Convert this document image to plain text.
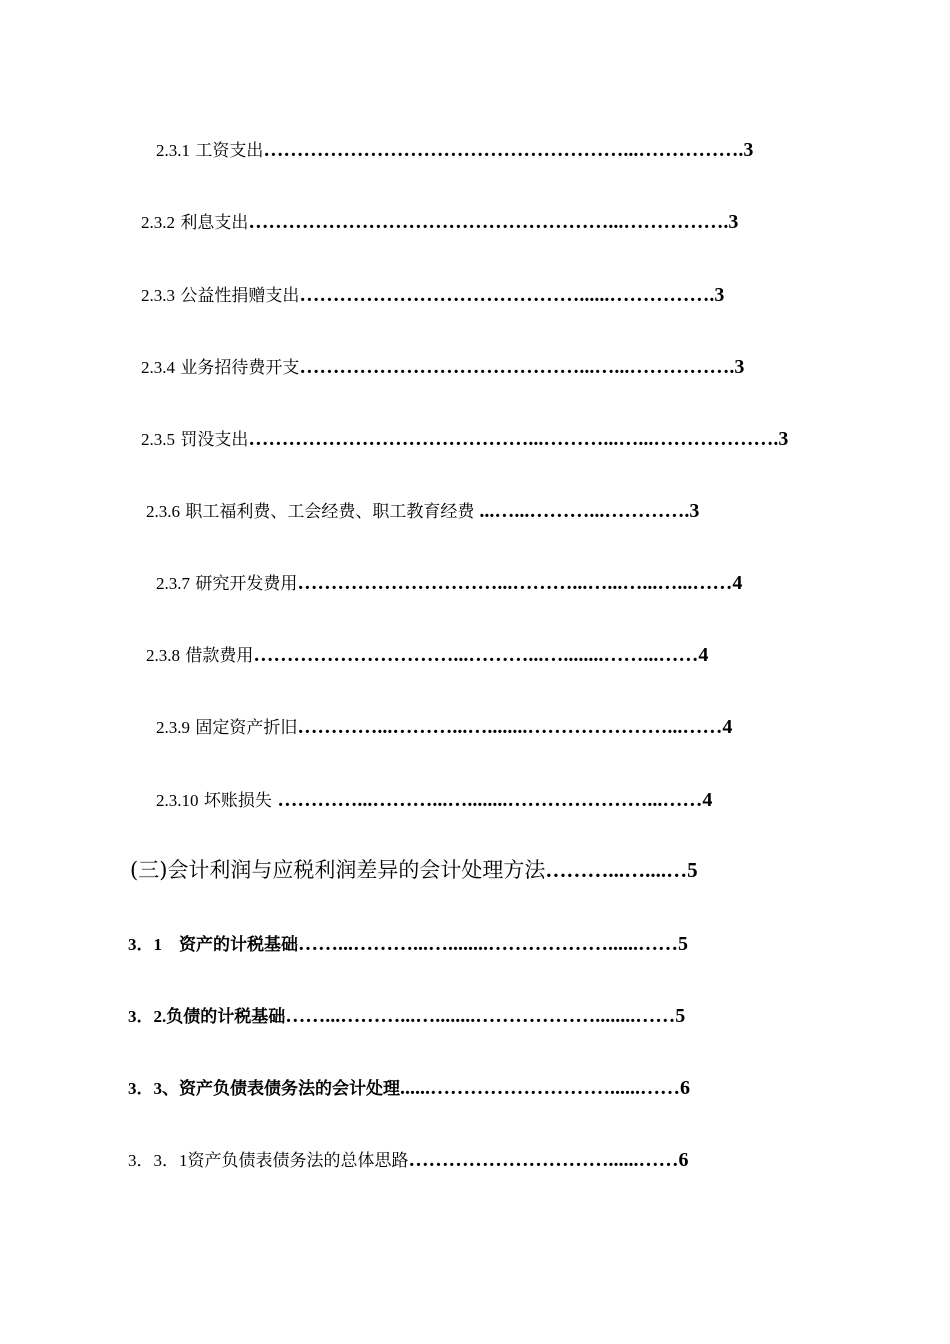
2.3.1 工资支出………………………………………………...…………….3
2.3.2 利息支出………………………………………………...…………….3
2.3.3 公益性捐赠支出……………………………………......…………….3
2.3.4 业务招待费开支……………………………………...…...…………….3
2.3.5 罚没支出……………………………………...………...…...……………….3
2.3.6 职工福利费、工会经费、职工教育经费 ...…...………...………….3
2.3.7 研究开发费用…………………………...………...…...…...…...……4
2.3.8 借款费用…………………………...………...…........……...……4
2.3.9 固定资产折旧…………...………...…........…………………...……4
2.3.10 坏账损失 …………...………...…........…………………...……4
(三)会计利润与应税利润差异的会计处理方法………...…....…5
3．1　资产的计税基础……...………...…........………………......……5
3．2.负债的计税基础……...………...…........………………........……5
3．3、资产负债表债务法的会计处理......………………………......……6
3．3．1资产负债表债务法的总体思路…………………………......……6
